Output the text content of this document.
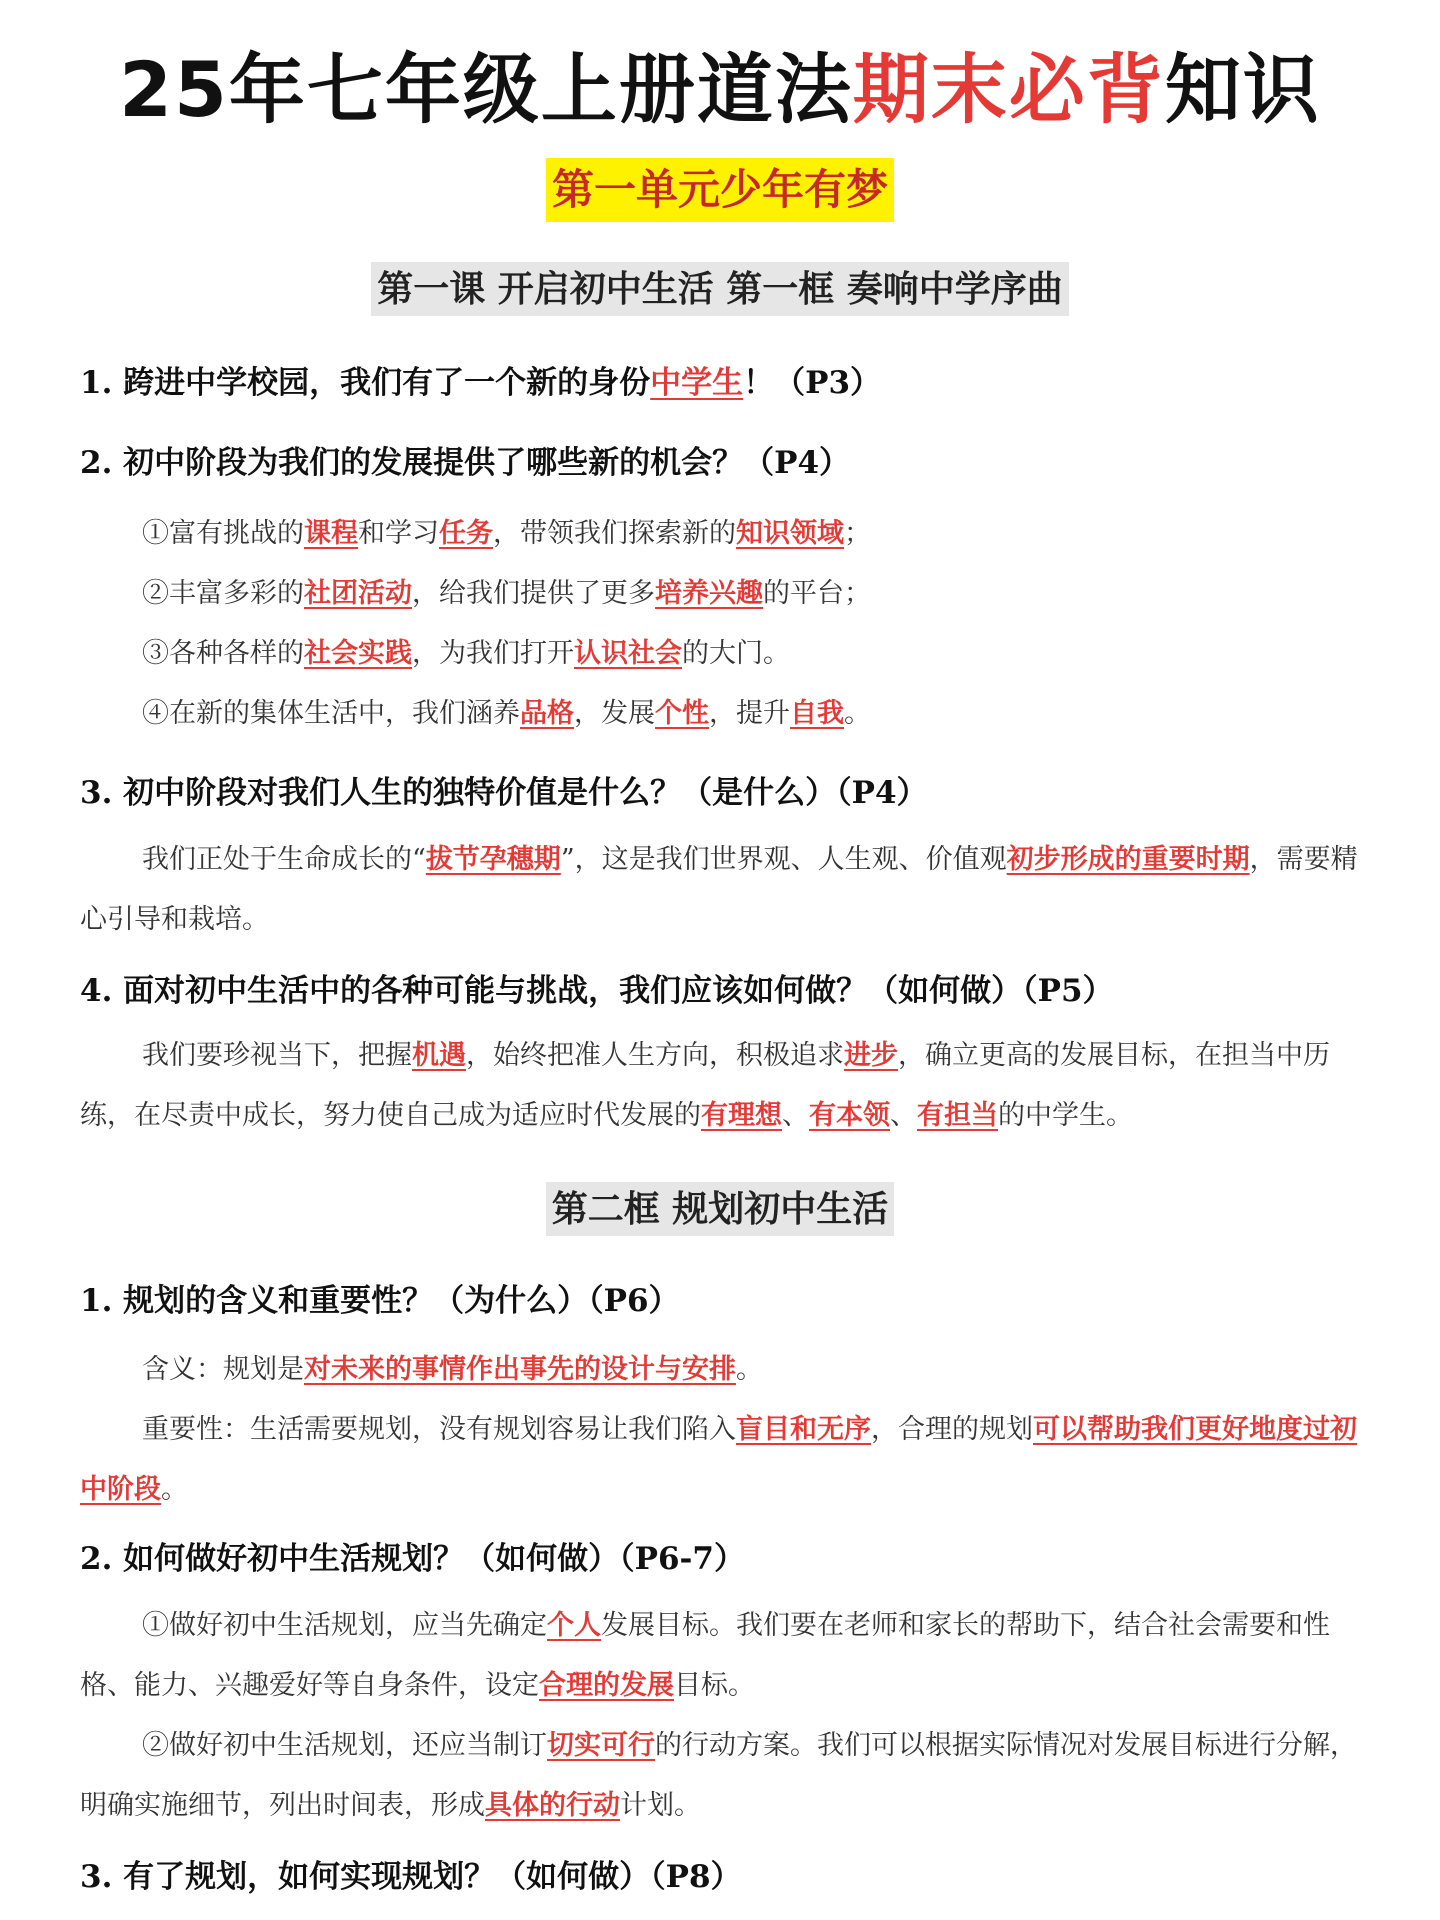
25年七年级上册道法期末必背知识
第一单元少年有梦
第一课 开启初中生活 第一框 奏响中学序曲

1. 跨进中学校园，我们有了一个新的身份中学生！（P3）

2. 初中阶段为我们的发展提供了哪些新的机会？（P4）

①富有挑战的课程和学习任务，带领我们探索新的知识领域；

②丰富多彩的社团活动，给我们提供了更多培养兴趣的平台；

③各种各样的社会实践，为我们打开认识社会的大门。

④在新的集体生活中，我们涵养品格，发展个性，提升自我。

3. 初中阶段对我们人生的独特价值是什么？（是什么）（P4）

我们正处于生命成长的“拔节孕穗期”，这是我们世界观、人生观、价值观初步形成的重要时期，需要精心引导和栽培。

4. 面对初中生活中的各种可能与挑战，我们应该如何做？（如何做）（P5）

我们要珍视当下，把握机遇，始终把准人生方向，积极追求进步，确立更高的发展目标，在担当中历练，在尽责中成长，努力使自己成为适应时代发展的有理想、有本领、有担当的中学生。

第二框 规划初中生活

1. 规划的含义和重要性？（为什么）（P6）

含义：规划是对未来的事情作出事先的设计与安排。

重要性：生活需要规划，没有规划容易让我们陷入盲目和无序，合理的规划可以帮助我们更好地度过初中阶段。

2. 如何做好初中生活规划？（如何做）（P6-7）

①做好初中生活规划，应当先确定个人发展目标。我们要在老师和家长的帮助下，结合社会需要和性格、能力、兴趣爱好等自身条件，设定合理的发展目标。

②做好初中生活规划，还应当制订切实可行的行动方案。我们可以根据实际情况对发展目标进行分解，明确实施细节，列出时间表，形成具体的行动计划。

3. 有了规划，如何实现规划？（如何做）（P8）
